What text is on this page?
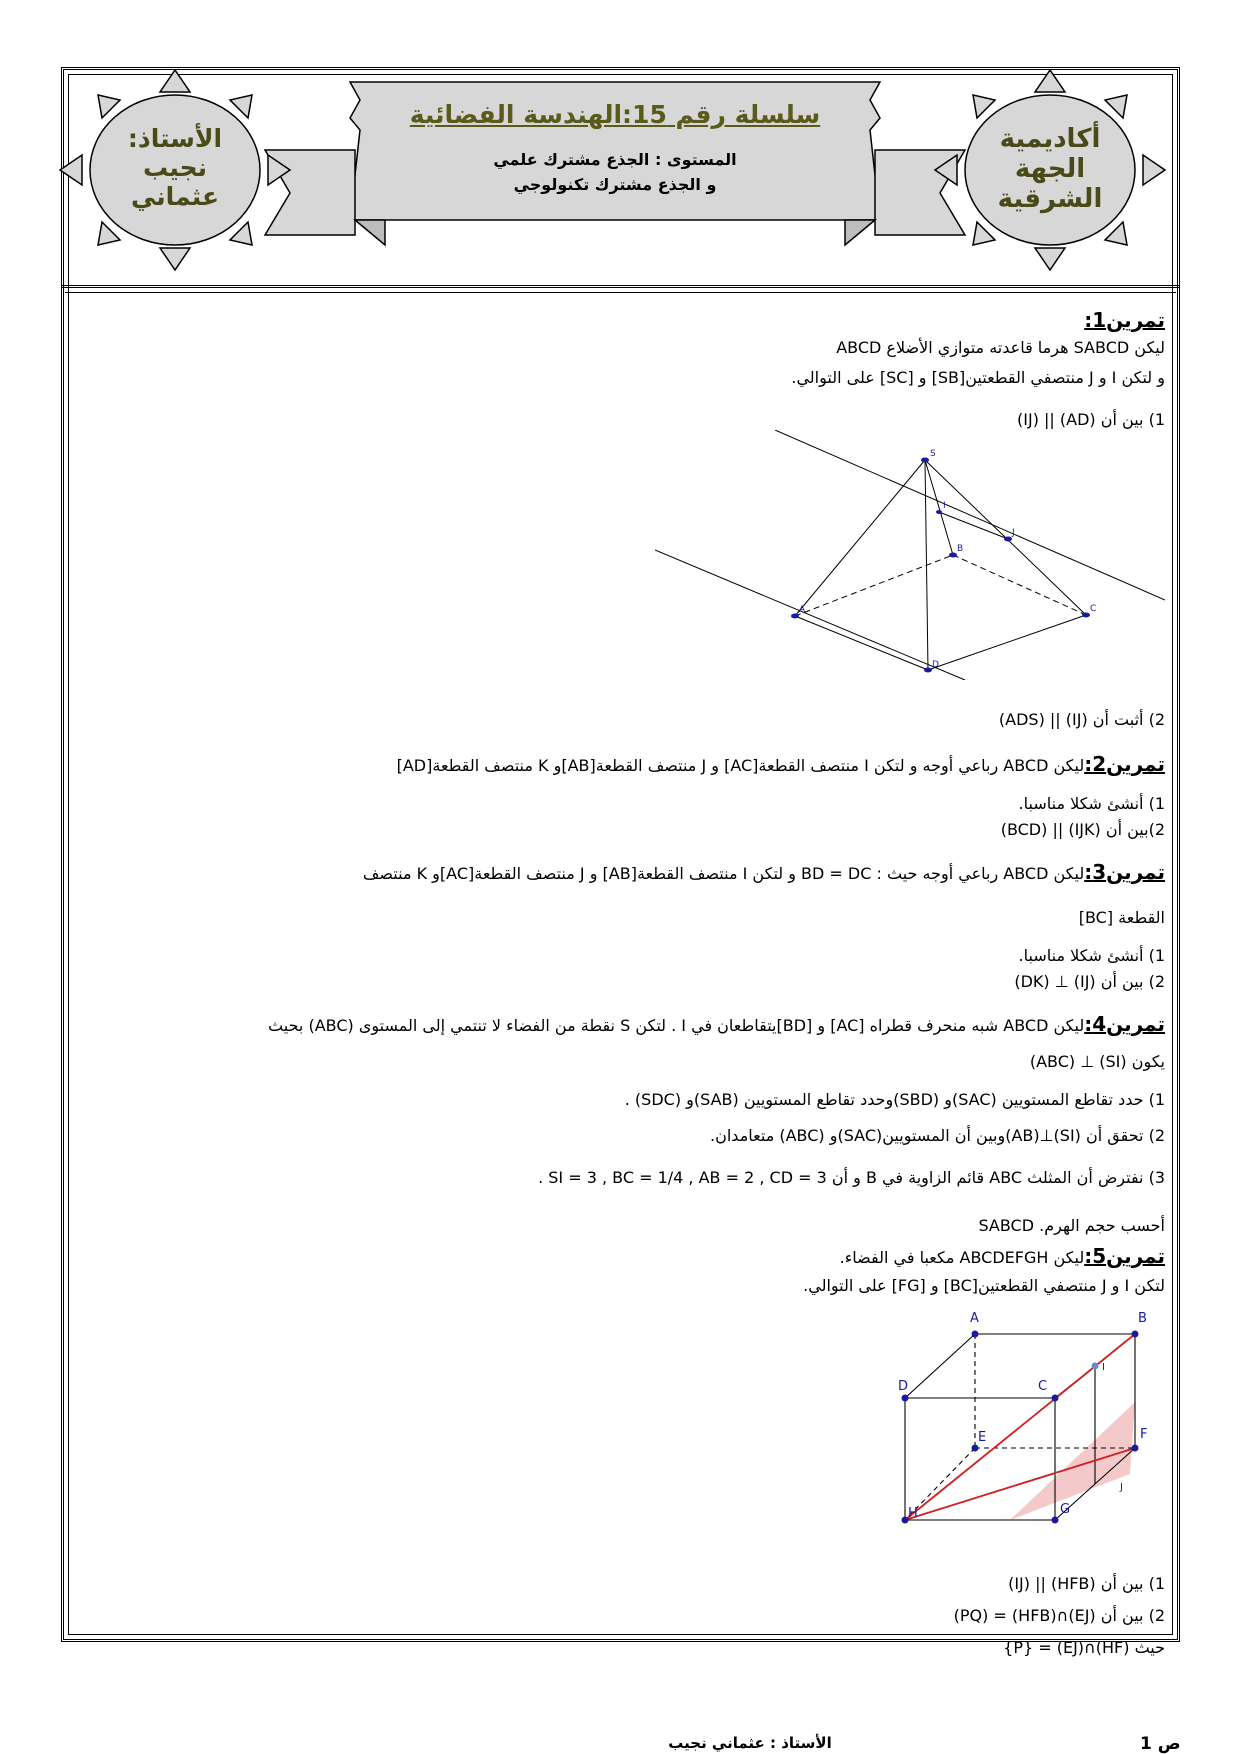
أكاديمية
الجهة
الشرقية
الأستاذ:
نجيب
عثماني
سلسلة رقم 15:الهندسة الفضائية
المستوى : الجذع مشترك علمي
و الجذع مشترك تكنولوجي
تمرين1:
ليكن SABCD هرما قاعدته متوازي الأضلاع ABCD
و لتكن I و J منتصفي القطعتين[SB] و [SC] على التوالي.
1) بين أن (AD) || (IJ)
2) أثبت أن (IJ) || (ADS)
تمرين2:ليكن ABCD رباعي أوجه و لتكن I منتصف القطعة[AC] و J منتصف القطعة[AB]و K منتصف القطعة[AD]
1) أنشئ شكلا مناسبا.
2)بين أن (IJK) || (BCD)
تمرين3:ليكن ABCD رباعي أوجه حيث : BD = DC و لتكن I منتصف القطعة[AB] و J منتصف القطعة[AC]و K منتصف
القطعة [BC]
1) أنشئ شكلا مناسبا.
2) بين أن (IJ) ⊥ (DK)
تمرين4:ليكن ABCD شبه منحرف قطراه [AC] و [BD]يتقاطعان في I . لتكن S نقطة من الفضاء لا تنتمي إلى المستوى (ABC) بحيث
يكون (SI) ⊥ (ABC)
1) حدد تقاطع المستويين (SAC)و (SBD)وحدد تقاطع المستويين (SAB)و (SDC) .
2) تحقق أن (SI)⊥(AB)وبين أن المستويين(SAC)و (ABC) متعامدان.
3) نفترض أن المثلث ABC قائم الزاوية في B و أن SI = 3 , BC = 1/4 , AB = 2 , CD = 3 .
أحسب حجم الهرم. SABCD
تمرين5:ليكن ABCDEFGH مكعبا في الفضاء.
لتكن I و J منتصفي القطعتين[BC] و [FG] على التوالي.
1) بين أن (HFB) || (IJ)
2) بين أن (EJ)∩(HFB) = (PQ)
حيث (HF)∩(EJ) = {P}
S
I
J
B
A	C
D
A	B
C
D
E	F
G
H
I
J
ص 1
الأستاذ : عثماني نجيب
